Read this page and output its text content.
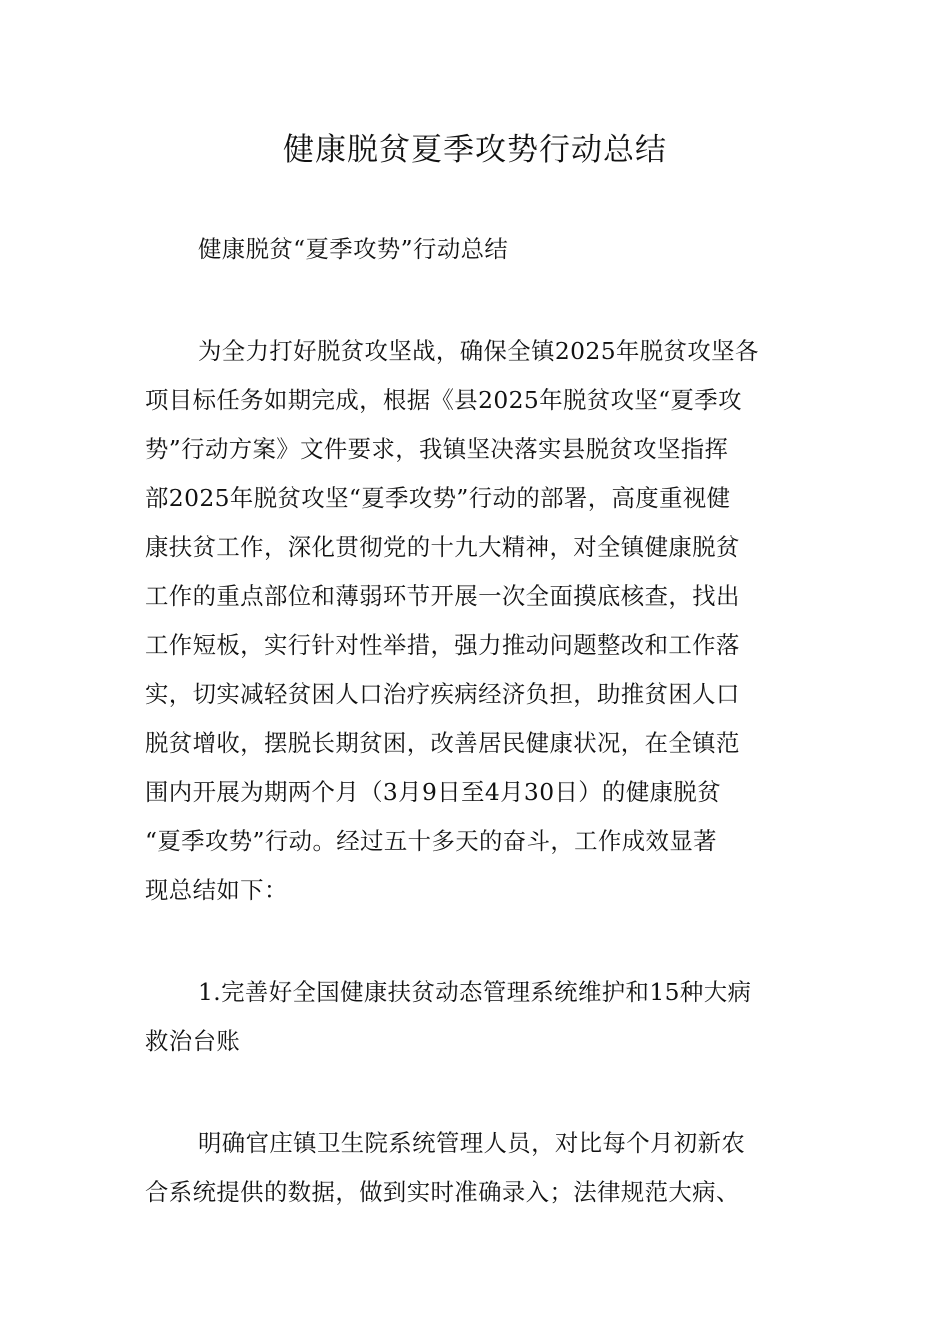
健康脱贫夏季攻势行动总结
健康脱贫“夏季攻势”行动总结
为全力打好脱贫攻坚战，确保全镇2025年脱贫攻坚各
项目标任务如期完成，根据《县2025年脱贫攻坚“夏季攻
势”行动方案》文件要求，我镇坚决落实县脱贫攻坚指挥
部2025年脱贫攻坚“夏季攻势”行动的部署，高度重视健
康扶贫工作，深化贯彻党的十九大精神，对全镇健康脱贫
工作的重点部位和薄弱环节开展一次全面摸底核查，找出
工作短板，实行针对性举措，强力推动问题整改和工作落
实，切实减轻贫困人口治疗疾病经济负担，助推贫困人口
脱贫增收，摆脱长期贫困，改善居民健康状况，在全镇范
围内开展为期两个月（3月9日至4月30日）的健康脱贫
“夏季攻势”行动。经过五十多天的奋斗，工作成效显著
现总结如下：
1.完善好全国健康扶贫动态管理系统维护和15种大病
救治台账
明确官庄镇卫生院系统管理人员，对比每个月初新农
合系统提供的数据，做到实时准确录入；法律规范大病、
